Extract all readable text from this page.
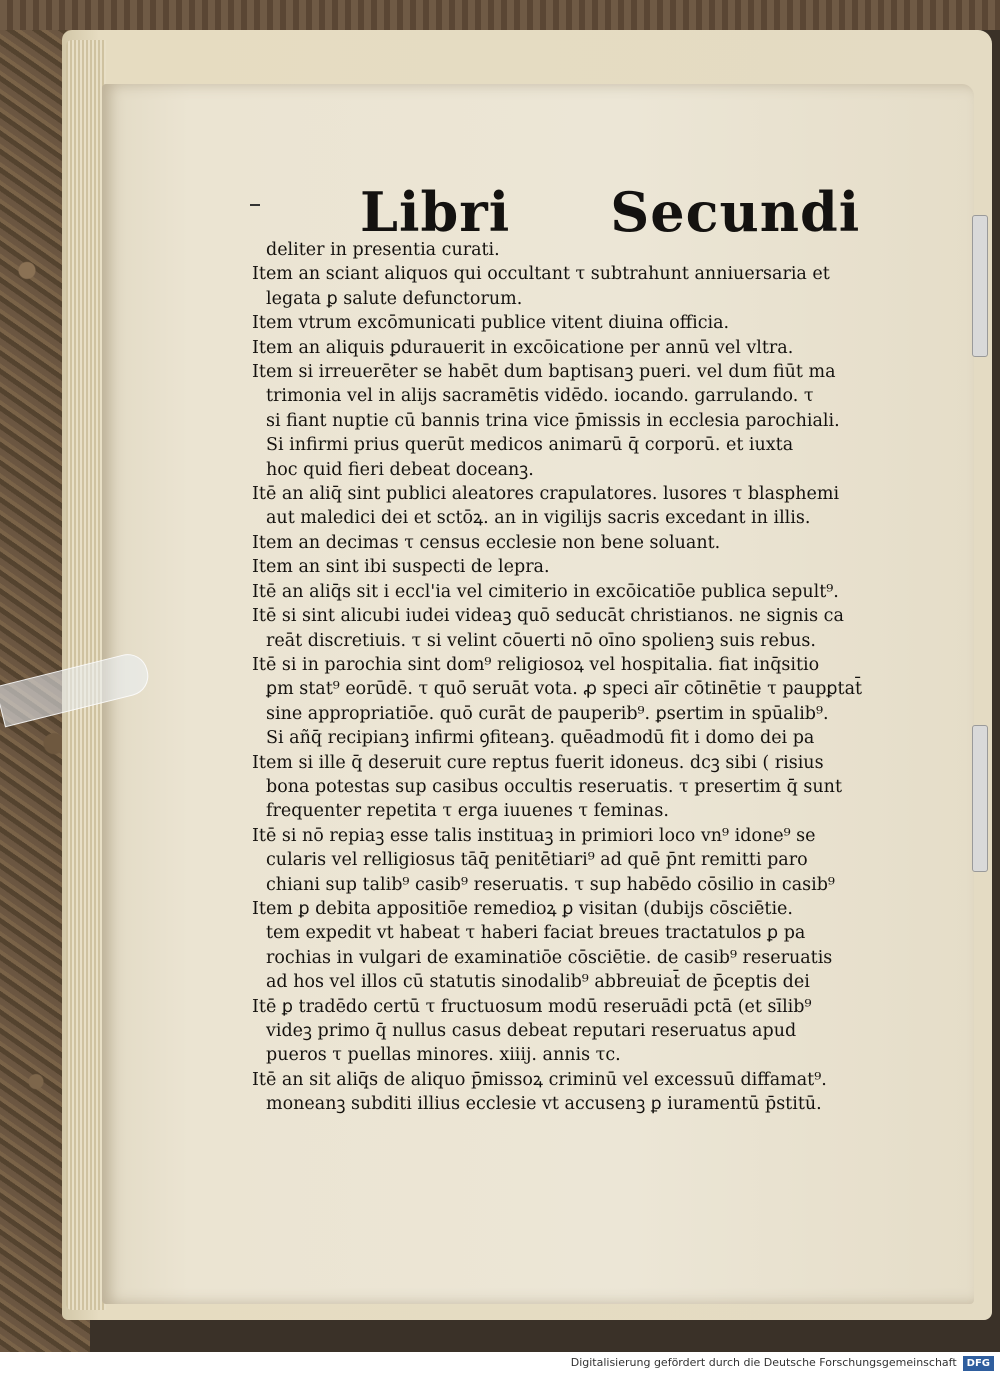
Libri Secundi
deliter in presentia curati.
Item an sciant aliquos qui occultant τ subtrahunt anniuersaria et
legata ꝑ salute defunctorum.
Item vtrum excōmunicati publice vitent diuina officia.
Item an aliquis ꝑdurauerit in excōicatione per annū vel vltra.
Item si irreuerēter se habēt dum baptisanꝫ pueri. vel dum fiūt ma
trimonia vel in alijs sacramētis vidēdo. iocando. garrulando. τ
si fiant nuptie cū bannis trina vice p̄missis in ecclesia parochiali.
Si infirmi prius querūt medicos animarū q̄ corporū. et iuxta
hoc quid fieri debeat doceanꝫ.
Itē an aliq̄ sint publici aleatores crapulatores. lusores τ blasphemi
aut maledici dei et sctōꝝ. an in vigilijs sacris excedant in illis.
Item an decimas τ census ecclesie non bene soluant.
Item an sint ibi suspecti de lepra.
Itē an aliq̄s sit i eccl'ia vel cimiterio in excōicatiōe publica sepult⁹.
Itē si sint alicubi iudei videaꝫ quō seducāt christianos. ne signis ca
reāt discretiuis. τ si velint cōuerti nō oīno spolienꝫ suis rebus.
Itē si in parochia sint dom⁹ religiosoꝝ vel hospitalia. fiat inq̄sitio
ꝑm stat⁹ eorūdē. τ quō seruāt vota. ꝓ speci aīr cōtinētie τ paupꝑtat̄
sine appropriatiōe. quō curāt de pauperib⁹. ꝑsertim in spūalib⁹.
Si añq̄ recipianꝫ infirmi ꝯfiteanꝫ. quēadmodū fit i domo dei pa
Item si ille q̄ deseruit cure reptus fuerit idoneus. dcꝫ sibi ( risius
bona potestas sup casibus occultis reseruatis. τ presertim q̄ sunt
frequenter repetita τ erga iuuenes τ feminas.
Itē si nō repiaꝫ esse talis instituaꝫ in primiori loco vn⁹ idone⁹ se
cularis vel relligiosus tāq̄ penitētiari⁹ ad quē p̄nt remitti paro
chiani sup talib⁹ casib⁹ reseruatis. τ sup habēdo cōsilio in casib⁹
Item ꝑ debita appositiōe remedioꝝ ꝑ visitan (dubijs cōsciētie.
tem expedit vt habeat τ haberi faciat breues tractatulos ꝑ pa
rochias in vulgari de examinatiōe cōsciētie. de casib⁹ reseruatis
ad hos vel illos cū statutis sinodalib⁹ abbreuiat̄ de p̄ceptis dei
Itē ꝑ tradēdo certū τ fructuosum modū reseruādi pctā (et sīlib⁹
videꝫ primo q̄ nullus casus debeat reputari reseruatus apud
pueros τ puellas minores. xiiij. annis τc.
Itē an sit aliq̄s de aliquo p̄missoꝝ criminū vel excessuū diffamat⁹.
moneanꝫ subditi illius ecclesie vt accusenꝫ ꝑ iuramentū p̄stitū.
Digitalisierung gefördert durch die Deutsche Forschungsgemeinschaft DFG
